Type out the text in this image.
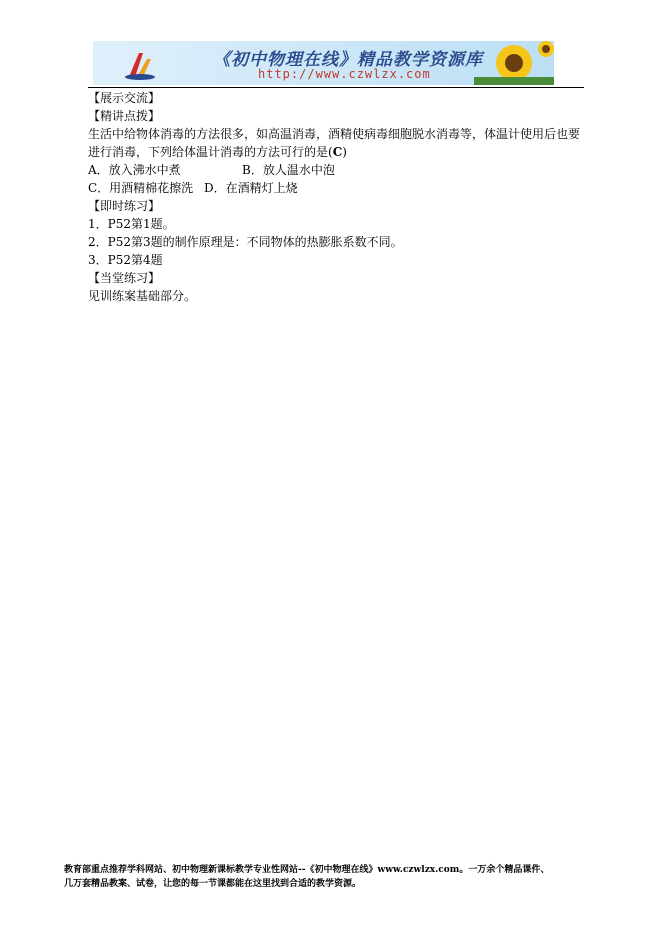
《初中物理在线》精品教学资源库
http://www.czwlzx.com

【展示交流】

【精讲点拨】

生活中给物体消毒的方法很多，如高温消毒，酒精使病毒细胞脱水消毒等，体温计使用后也要

进行消毒，下列给体温计消毒的方法可行的是(C)

A．放入沸水中煮	B．放人温水中泡

C．用酒精棉花擦洗 D．在酒精灯上烧

【即时练习】

1．P52第1题。

2．P52第3题的制作原理是：不同物体的热膨胀系数不同。

3．P52第4题

【当堂练习】

见训练案基础部分。

教育部重点推荐学科网站、初中物理新课标教学专业性网站--《初中物理在线》www.czwlzx.com。一万余个精品课件、

几万套精品教案、试卷，让您的每一节课都能在这里找到合适的教学资源。
